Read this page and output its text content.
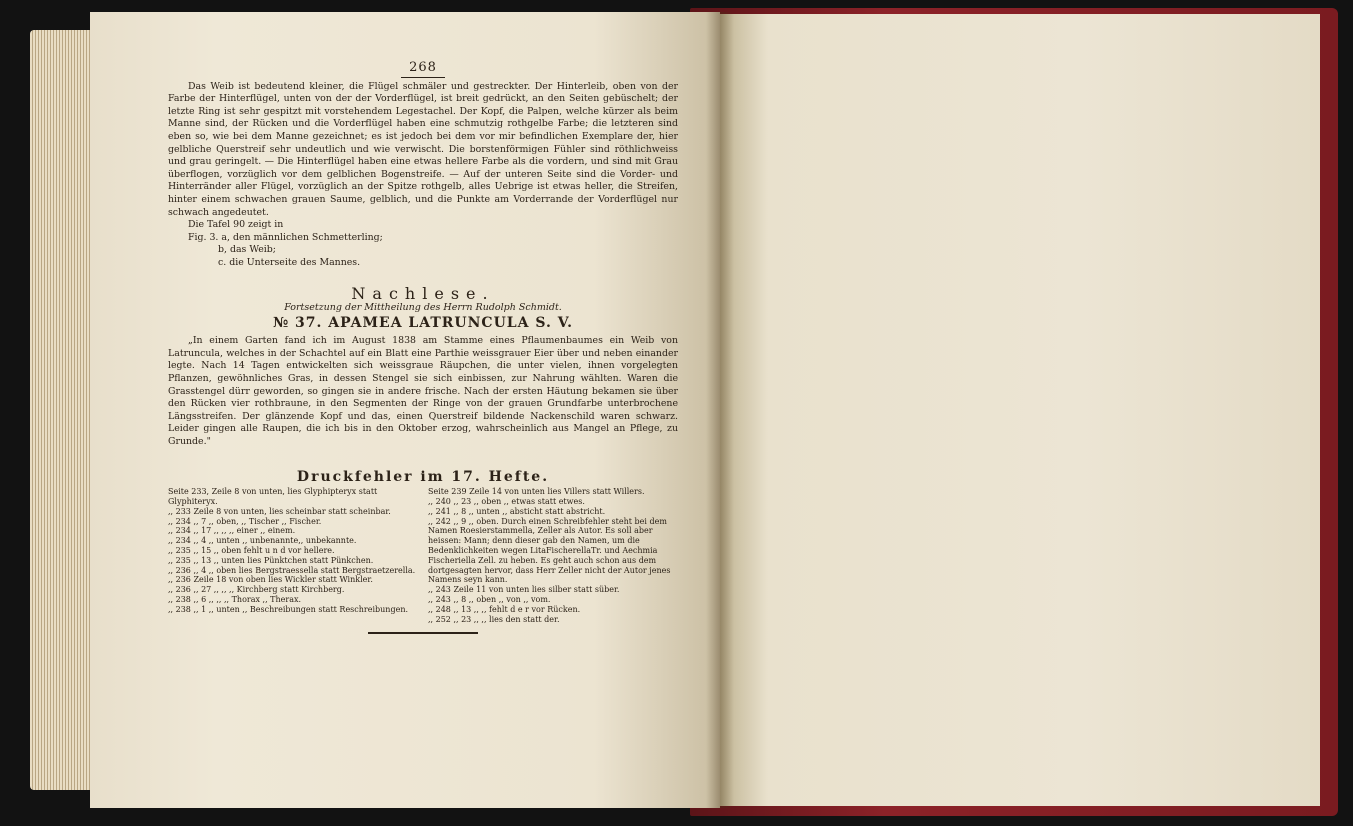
268

Das Weib ist bedeutend kleiner, die Flügel schmäler und gestreckter. Der Hinterleib, oben von der Farbe der Hinterflügel, unten von der der Vorderflügel, ist breit gedrückt, an den Seiten gebüschelt; der letzte Ring ist sehr gespitzt mit vorstehendem Legestachel. Der Kopf, die Palpen, welche kürzer als beim Manne sind, der Rücken und die Vorderflügel haben eine schmutzig rothgelbe Farbe; die letzteren sind eben so, wie bei dem Manne gezeichnet; es ist jedoch bei dem vor mir befindlichen Exemplare der, hier gelbliche Querstreif sehr undeutlich und wie verwischt. Die borstenförmigen Fühler sind röthlichweiss und grau geringelt. — Die Hinterflügel haben eine etwas hellere Farbe als die vordern, und sind mit Grau überflogen, vorzüglich vor dem gelblichen Bogenstreife. — Auf der unteren Seite sind die Vorder- und Hinterränder aller Flügel, vorzüglich an der Spitze rothgelb, alles Uebrige ist etwas heller, die Streifen, hinter einem schwachen grauen Saume, gelblich, und die Punkte am Vorderrande der Vorderflügel nur schwach angedeutet.

Die Tafel 90 zeigt in

Fig. 3. a, den männlichen Schmetterling;

b, das Weib;

c. die Unterseite des Mannes.

Nachlese.
Fortsetzung der Mittheilung des Herrn Rudolph Schmidt.
№ 37. APAMEA LATRUNCULA S. V.

„In einem Garten fand ich im August 1838 am Stamme eines Pflaumenbaumes ein Weib von Latruncula, welches in der Schachtel auf ein Blatt eine Parthie weissgrauer Eier über und neben einander legte. Nach 14 Tagen entwickelten sich weissgraue Räupchen, die unter vielen, ihnen vorgelegten Pflanzen, gewöhnliches Gras, in dessen Stengel sie sich einbissen, zur Nahrung wählten. Waren die Grasstengel dürr geworden, so gingen sie in andere frische. Nach der ersten Häutung bekamen sie über den Rücken vier rothbraune, in den Segmenten der Ringe von der grauen Grundfarbe unterbrochene Längsstreifen. Der glänzende Kopf und das, einen Querstreif bildende Nackenschild waren schwarz. Leider gingen alle Raupen, die ich bis in den Oktober erzog, wahrscheinlich aus Mangel an Pflege, zu Grunde."

Druckfehler im 17. Hefte.

Seite 233, Zeile 8 von unten, lies Glyphipteryx statt Glyphiteryx.

,, 233 Zeile 8 von unten, lies scheinbar statt scheinbar.

,, 234 ,, 7 ,, oben, ,, Tischer ,, Fischer.

,, 234 ,, 17 ,, ,, ,, einer ,, einem.

,, 234 ,, 4 ,, unten ,, unbenannte,, unbekannte.

,, 235 ,, 15 ,, oben fehlt u n d vor hellere.

,, 235 ,, 13 ,, unten lies Pünktchen statt Pünkchen.

,, 236 ,, 4 ,, oben lies Bergstraessella statt Bergstraetzerella.

,, 236 Zeile 18 von oben lies Wickler statt Winkler.

,, 236 ,, 27 ,, ,, ,, Kirchberg statt Kirchberg.

,, 238 ,, 6 ,, ,, ,, Thorax ,, Therax.

,, 238 ,, 1 ,, unten ,, Beschreibungen statt Reschreibungen.

Seite 239 Zeile 14 von unten lies Villers statt Willers.

,, 240 ,, 23 ,, oben ,, etwas statt etwes.

,, 241 ,, 8 ,, unten ,, absticht statt abstricht.

,, 242 ,, 9 ,, oben. Durch einen Schreibfehler steht bei dem Namen Roesierstammella, Zeller als Autor. Es soll aber heissen: Mann; denn dieser gab den Namen, um die Bedenklichkeiten wegen LitaFischerellaTr. und Aechmia Fischeriella Zell. zu heben. Es geht auch schon aus dem dortgesagten hervor, dass Herr Zeller nicht der Autor jenes Namens seyn kann.

,, 243 Zeile 11 von unten lies silber statt süber.

,, 243 ,, 8 ,, oben ,, von ,, vom.

,, 248 ,, 13 ,, ,, fehlt d e r vor Rücken.

,, 252 ,, 23 ,, ,, lies den statt der.
